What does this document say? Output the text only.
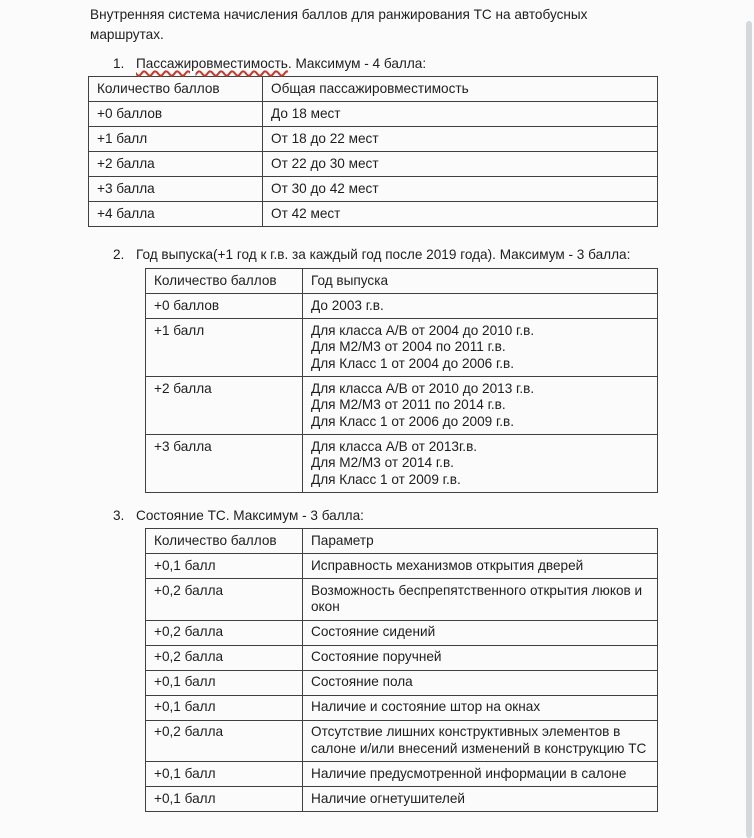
Внутренняя система начисления баллов для ранжирования ТС на автобусных маршрутах.

1. Пассажировместимость. Максимум - 4 балла:
Количество баллов	Общая пассажировместимость
+0 баллов	До 18 мест
+1 балл	От 18 до 22 мест
+2 балла	От 22 до 30 мест
+3 балла	От 30 до 42 мест
+4 балла	От 42 мест
2. Год выпуска(+1 год к г.в. за каждый год после 2019 года). Максимум - 3 балла:
Количество баллов	Год выпуска
+0 баллов	До 2003 г.в.
+1 балл	Для класса А/В от 2004 до 2010 г.в.
Для М2/М3 от 2004 по 2011 г.в.
Для Класс 1 от 2004 до 2006 г.в.

+2 балла	Для класса А/В от 2010 до 2013 г.в.
Для М2/М3 от 2011 по 2014 г.в.
Для Класс 1 от 2006 до 2009 г.в.

+3 балла	Для класса А/В от 2013г.в.
Для М2/М3 от 2014 г.в.
Для Класс 1 от 2009 г.в.
3. Состояние ТС. Максимум - 3 балла:
Количество баллов	Параметр
+0,1 балл	Исправность механизмов открытия дверей
+0,2 балла	Возможность беспрепятственного открытия люков и окон
+0,2 балла	Состояние сидений
+0,2 балла	Состояние поручней
+0,1 балл	Состояние пола
+0,1 балл	Наличие и состояние штор на окнах
+0,2 балла	Отсутствие лишних конструктивных элементов в салоне и/или внесений изменений в конструкцию ТС
+0,1 балл	Наличие предусмотренной информации в салоне
+0,1 балл	Наличие огнетушителей
